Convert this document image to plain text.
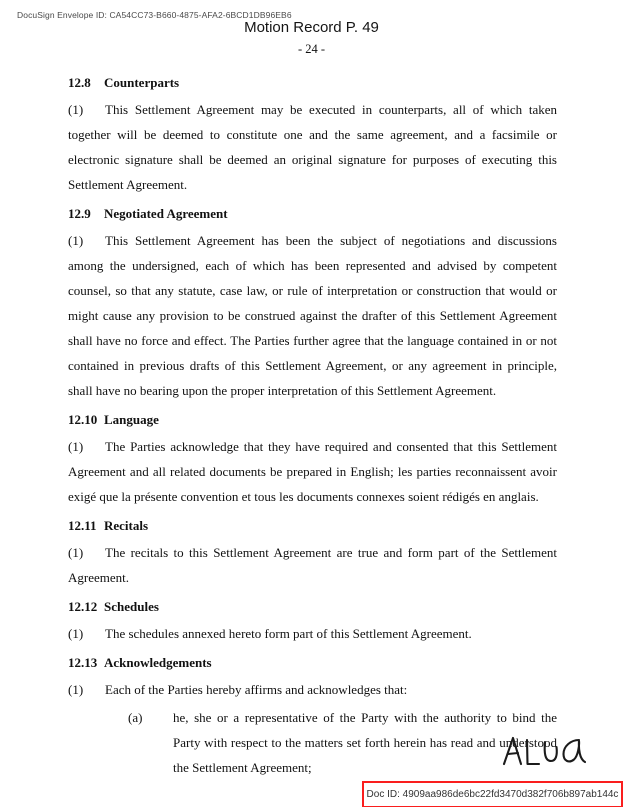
DocuSign Envelope ID: CA54CC73-B660-4875-AFA2-6BCD1DB96EB6
Motion Record P. 49
- 24 -
12.8 Counterparts

(1) This Settlement Agreement may be executed in counterparts, all of which taken together will be deemed to constitute one and the same agreement, and a facsimile or electronic signature shall be deemed an original signature for purposes of executing this Settlement Agreement.

12.9 Negotiated Agreement

(1) This Settlement Agreement has been the subject of negotiations and discussions among the undersigned, each of which has been represented and advised by competent counsel, so that any statute, case law, or rule of interpretation or construction that would or might cause any provision to be construed against the drafter of this Settlement Agreement shall have no force and effect. The Parties further agree that the language contained in or not contained in previous drafts of this Settlement Agreement, or any agreement in principle, shall have no bearing upon the proper interpretation of this Settlement Agreement.

12.10 Language

(1) The Parties acknowledge that they have required and consented that this Settlement Agreement and all related documents be prepared in English; les parties reconnaissent avoir exigé que la présente convention et tous les documents connexes soient rédigés en anglais.

12.11 Recitals

(1) The recitals to this Settlement Agreement are true and form part of the Settlement Agreement.

12.12 Schedules

(1) The schedules annexed hereto form part of this Settlement Agreement.

12.13 Acknowledgements

(1) Each of the Parties hereby affirms and acknowledges that:

(a) he, she or a representative of the Party with the authority to bind the Party with respect to the matters set forth herein has read and understood the Settlement Agreement;

Doc ID: 4909aa986de6bc22fd3470d382f706b897ab144c
